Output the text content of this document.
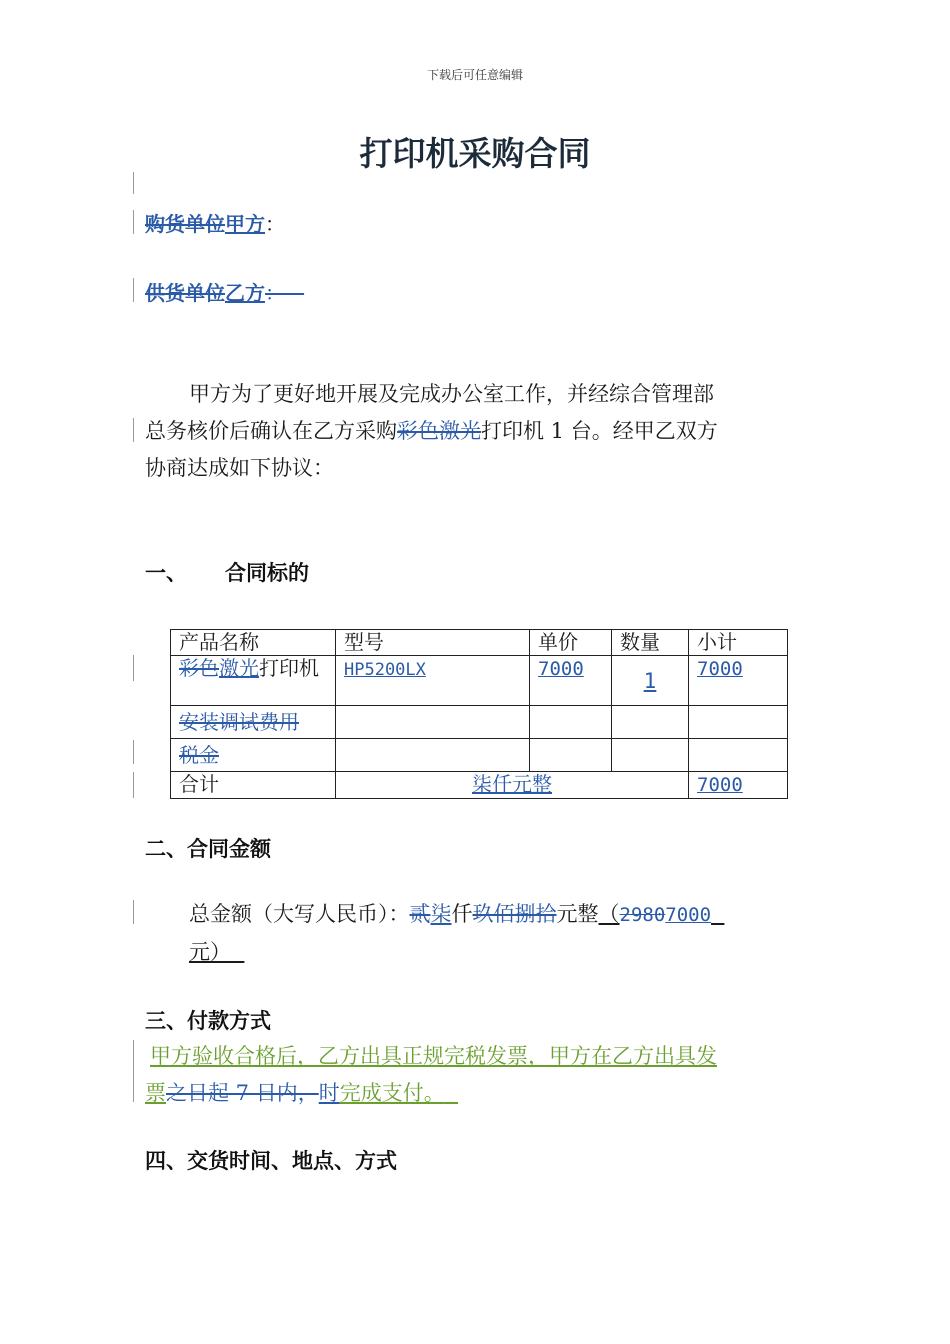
下载后可任意编辑
打印机采购合同
购货单位甲方：
供货单位乙方：
甲方为了更好地开展及完成办公室工作，并经综合管理部
总务核价后确认在乙方采购彩色激光打印机 1 台。经甲乙双方
协商达成如下协议：
一、 合同标的
产品名称	型号	单价	数量	小计
彩色激光打印机	HP5200LX	7000	1	7000
安装调试费用				
税金				
合计	柒仟元整			7000
二、合同金额
总金额（大写人民币）：贰柒仟玖佰捌拾元整（29807000
元）
三、付款方式
甲方验收合格后，乙方出具正规完税发票，甲方在乙方出具发
票之日起 7 日内，时完成支付。
四、交货时间、地点、方式
